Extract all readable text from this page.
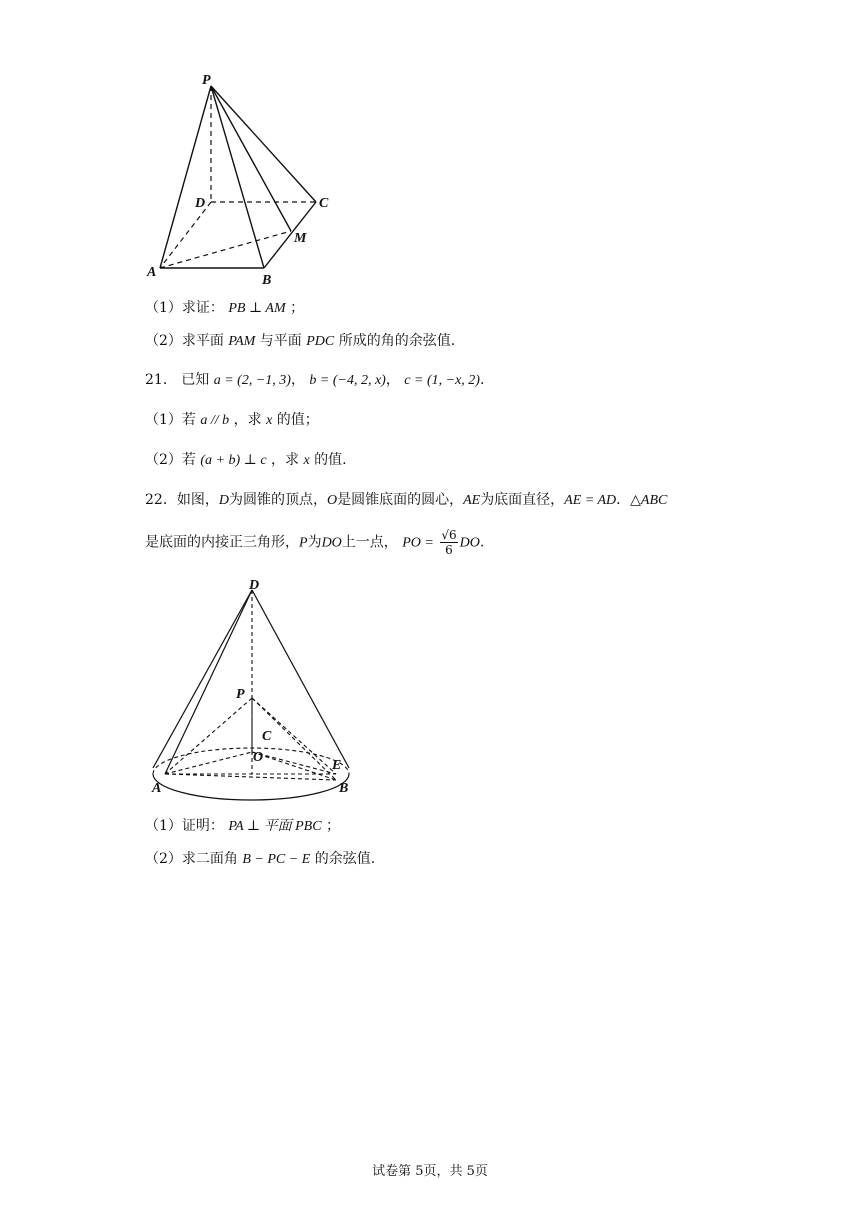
P
D	C
M
A
B
（1）求证： PB ⊥ AM ；
（2）求平面 PAM 与平面 PDC 所成的角的余弦值.
21． 已知 a = (2, −1, 3)， b = (−4, 2, x)， c = (1, −x, 2).
（1）若 a // b ，求 x 的值；
（2）若 (a + b) ⊥ c ，求 x 的值.
22．如图，D为圆锥的顶点，O是圆锥底面的圆心，AE为底面直径，AE = AD．△ABC
是底面的内接正三角形，P为DO上一点， PO = $\frac{√6}{6}$ DO.
D
P
C
O
E
A	B
（1）证明： PA ⊥ 平面 PBC ；
（2）求二面角 B − PC − E 的余弦值.
试卷第 5页，共 5页
